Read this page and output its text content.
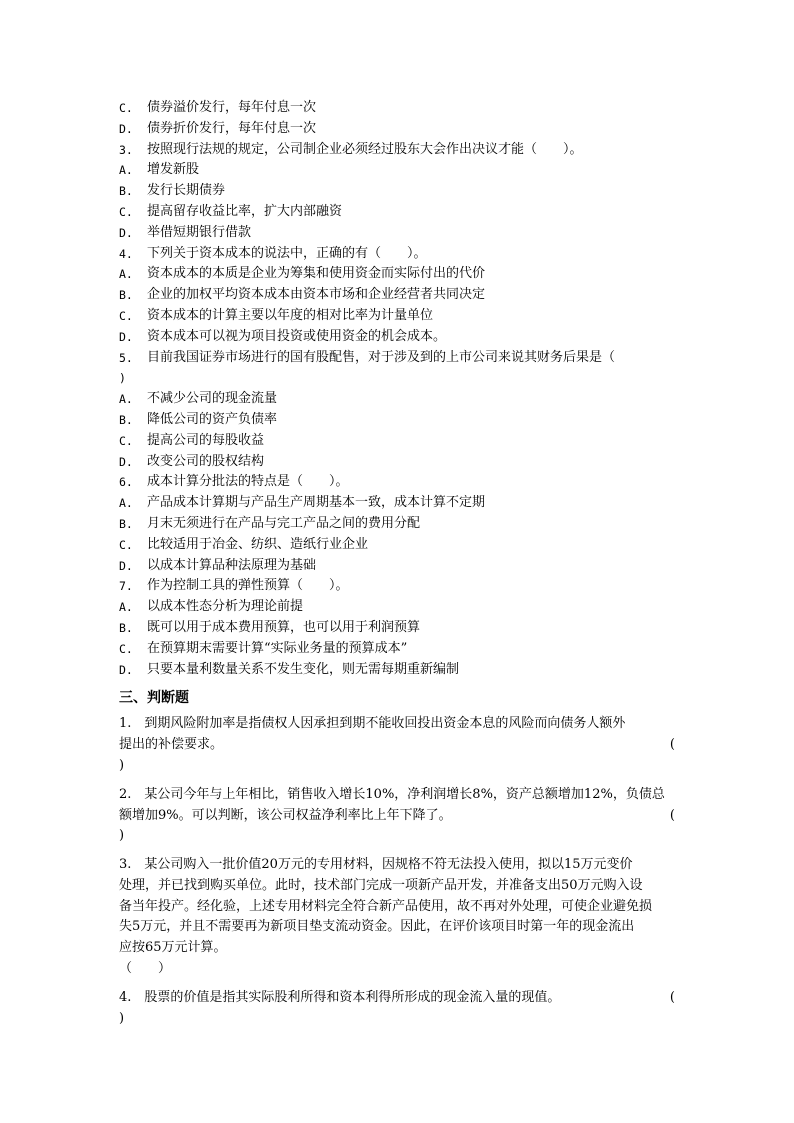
C.	债券溢价发行，每年付息一次
D.	债券折价发行，每年付息一次
3.	按照现行法规的规定，公司制企业必须经过股东大会作出决议才能（　　）。
A.	增发新股
B.	发行长期债券
C.	提高留存收益比率，扩大内部融资
D.	举借短期银行借款
4.	下列关于资本成本的说法中，正确的有（　　）。
A.	资本成本的本质是企业为筹集和使用资金而实际付出的代价
B.	企业的加权平均资本成本由资本市场和企业经营者共同决定
C.	资本成本的计算主要以年度的相对比率为计量单位
D.	资本成本可以视为项目投资或使用资金的机会成本。
5.	目前我国证券市场进行的国有股配售，对于涉及到的上市公司来说其财务后果是（
)
A.	不减少公司的现金流量
B.	降低公司的资产负债率
C.	提高公司的每股收益
D.	改变公司的股权结构
6.	成本计算分批法的特点是（　　）。
A.	产品成本计算期与产品生产周期基本一致，成本计算不定期
B.	月末无须进行在产品与完工产品之间的费用分配
C.	比较适用于冶金、纺织、造纸行业企业
D.	以成本计算品种法原理为基础
7.	作为控制工具的弹性预算（　　）。
A.	以成本性态分析为理论前提
B.	既可以用于成本费用预算，也可以用于利润预算
C.	在预算期末需要计算“实际业务量的预算成本”
D.	只要本量利数量关系不发生变化，则无需每期重新编制
三、判断题
1.　到期风险附加率是指债权人因承担到期不能收回投出资金本息的风险而向债务人额外
提出的补偿要求。	(
)
2.　某公司今年与上年相比，销售收入增长10%，净利润增长8%，资产总额增加12%，负债总
额增加9%。可以判断，该公司权益净利率比上年下降了。	(
)
3.　某公司购入一批价值20万元的专用材料，因规格不符无法投入使用，拟以15万元变价
处理，并已找到购买单位。此时，技术部门完成一项新产品开发，并准备支出50万元购入设
备当年投产。经化验，上述专用材料完全符合新产品使用，故不再对外处理，可使企业避免损
失5万元，并且不需要再为新项目垫支流动资金。因此，在评价该项目时第一年的现金流出
应按65万元计算。
（　　）
4.　股票的价值是指其实际股利所得和资本利得所形成的现金流入量的现值。	(
)
